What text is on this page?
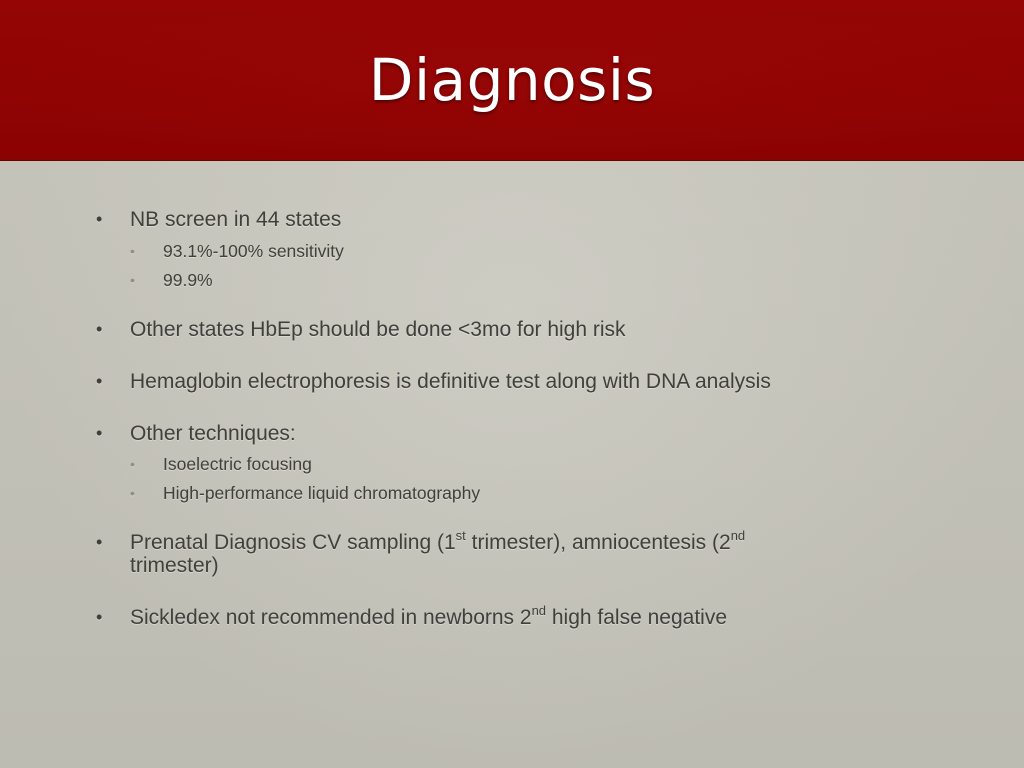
Diagnosis
• NB screen in 44 states
• 93.1%-100% sensitivity
• 99.9%
• Other states HbEp should be done <3mo for high risk
• Hemaglobin electrophoresis is definitive test along with DNA analysis
• Other techniques:
• Isoelectric focusing
• High-performance liquid chromatography
• Prenatal Diagnosis CV sampling (1st trimester), amniocentesis (2nd
trimester)
• Sickledex not recommended in newborns 2nd high false negative
